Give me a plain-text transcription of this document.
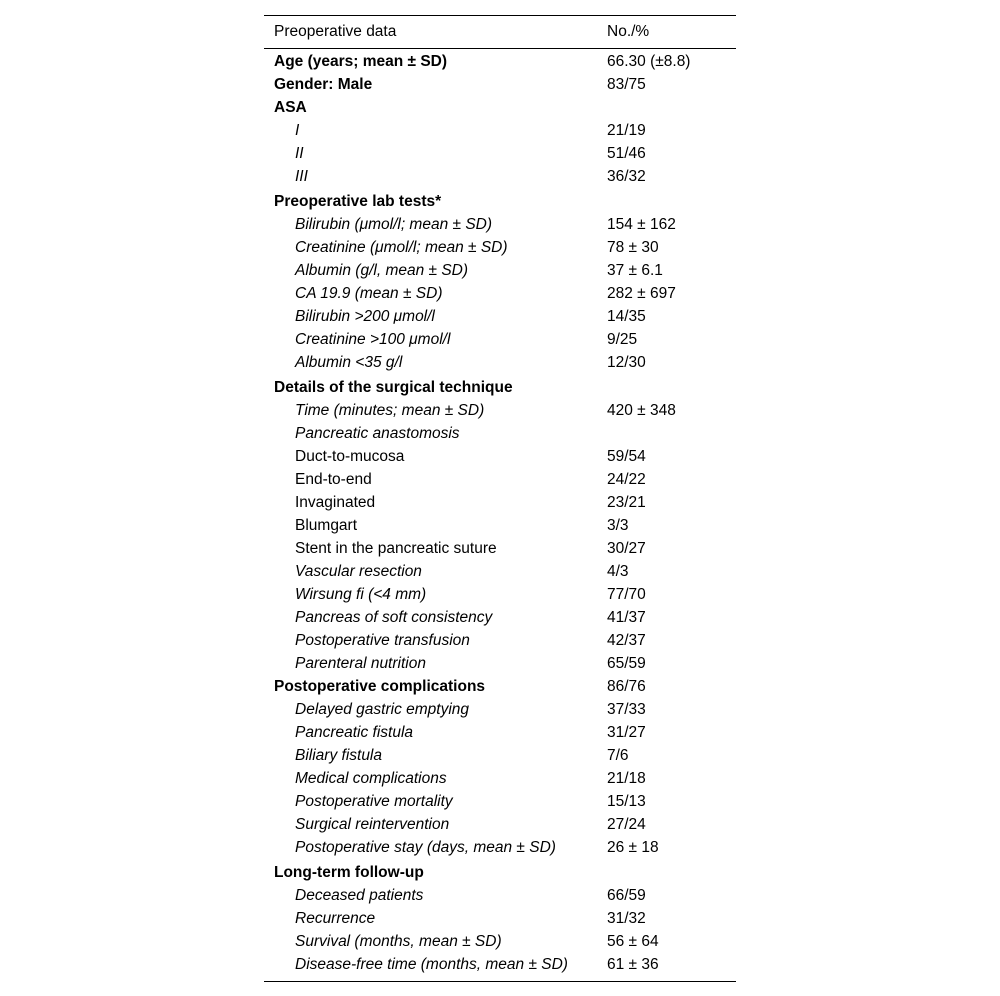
Preoperative data	No./%
Age (years; mean ± SD)	66.30 (±8.8)
Gender: Male	83/75
ASA
I	21/19
II	51/46
III	36/32
Preoperative lab tests*
Bilirubin (μmol/l; mean ± SD)	154 ± 162
Creatinine (μmol/l; mean ± SD)	78 ± 30
Albumin (g/l, mean ± SD)	37 ± 6.1
CA 19.9 (mean ± SD)	282 ± 697
Bilirubin >200 μmol/l	14/35
Creatinine >100 μmol/l	9/25
Albumin <35 g/l	12/30
Details of the surgical technique
Time (minutes; mean ± SD)	420 ± 348
Pancreatic anastomosis
Duct-to-mucosa	59/54
End-to-end	24/22
Invaginated	23/21
Blumgart	3/3
Stent in the pancreatic suture	30/27
Vascular resection	4/3
Wirsung fi (<4 mm)	77/70
Pancreas of soft consistency	41/37
Postoperative transfusion	42/37
Parenteral nutrition	65/59
Postoperative complications	86/76
Delayed gastric emptying	37/33
Pancreatic fistula	31/27
Biliary fistula	7/6
Medical complications	21/18
Postoperative mortality	15/13
Surgical reintervention	27/24
Postoperative stay (days, mean ± SD)	26 ± 18
Long-term follow-up
Deceased patients	66/59
Recurrence	31/32
Survival (months, mean ± SD)	56 ± 64
Disease-free time (months, mean ± SD)	61 ± 36
